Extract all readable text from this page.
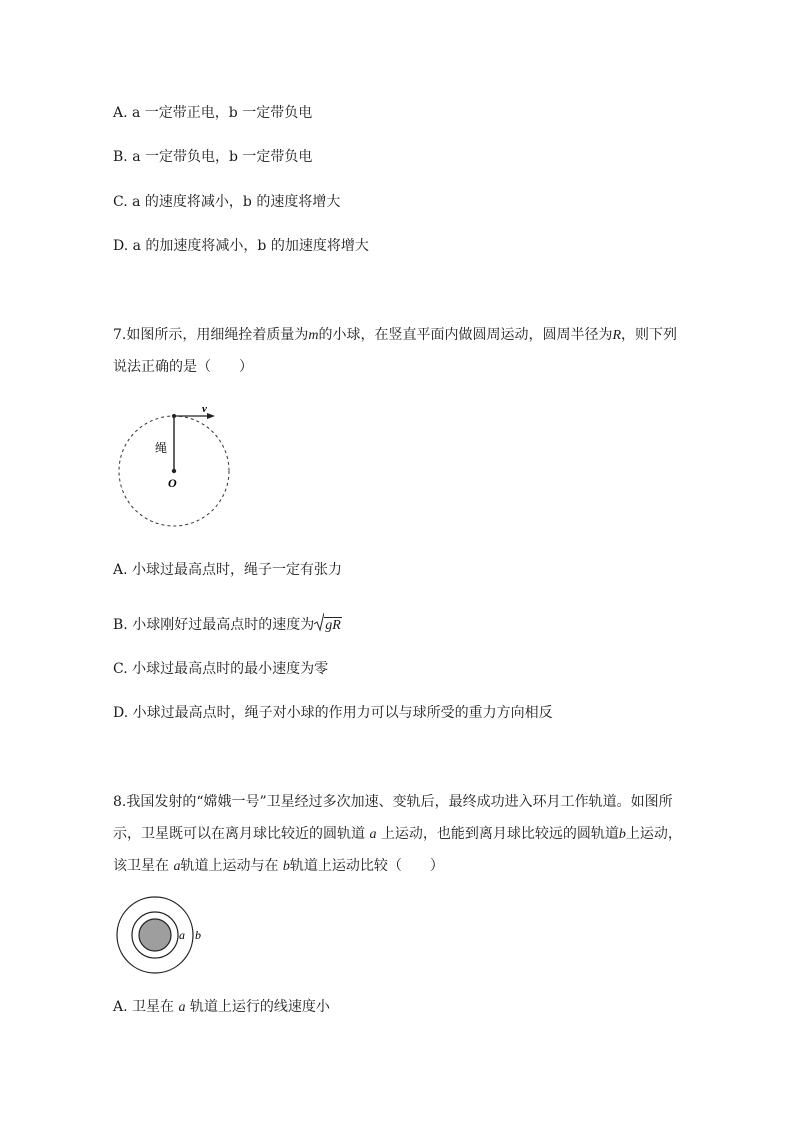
A. a 一定带正电，b 一定带负电
B. a 一定带负电，b 一定带负电
C. a 的速度将减小，b 的速度将增大
D. a 的加速度将减小，b 的加速度将增大
7.如图所示，用细绳拴着质量为m的小球，在竖直平面内做圆周运动，圆周半径为R，则下列
说法正确的是（　　）
v
绳
O
A. 小球过最高点时，绳子一定有张力
B. 小球刚好过最高点时的速度为 gR
C. 小球过最高点时的最小速度为零
D. 小球过最高点时，绳子对小球的作用力可以与球所受的重力方向相反
8.我国发射的“嫦娥一号”卫星经过多次加速、变轨后，最终成功进入环月工作轨道。如图所
示，卫星既可以在离月球比较近的圆轨道 a 上运动，也能到离月球比较远的圆轨道b上运动，
该卫星在 a轨道上运动与在 b轨道上运动比较（　　）
a b
A. 卫星在 a 轨道上运行的线速度小
